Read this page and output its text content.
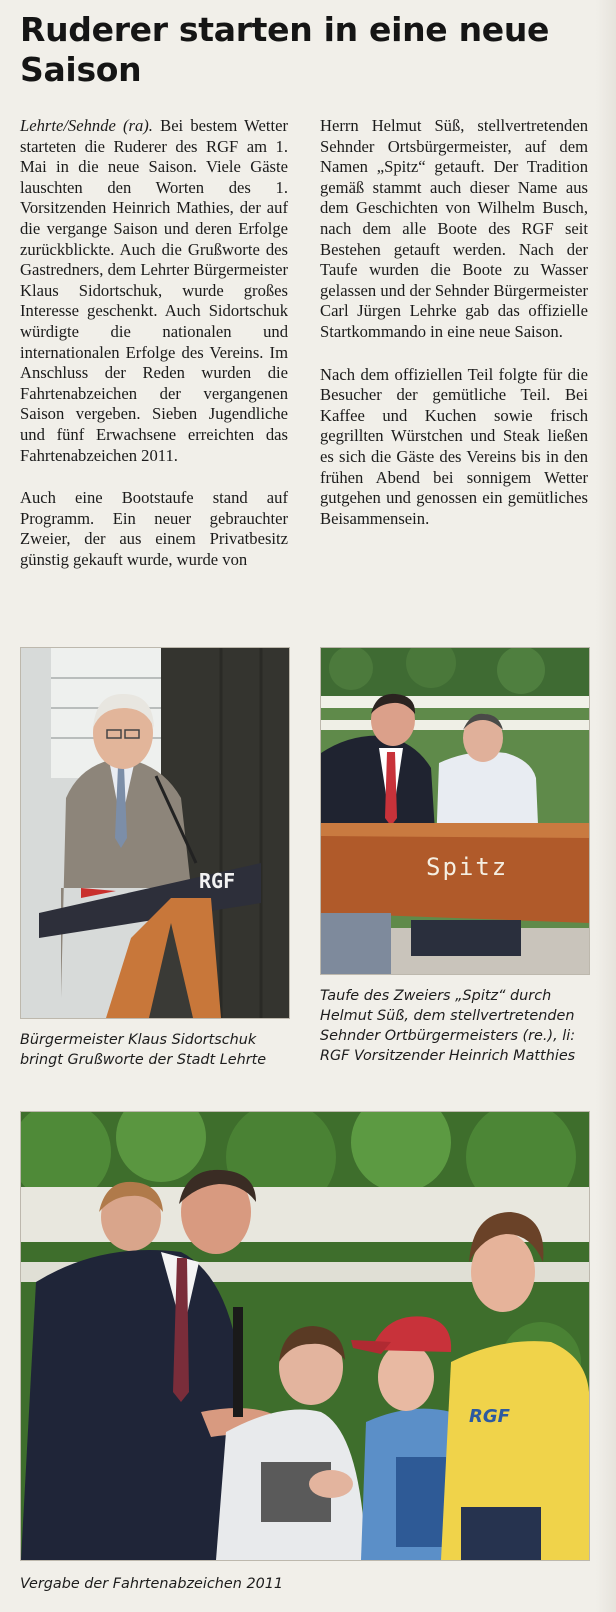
Ruderer starten in eine neue Saison

Lehrte/Sehnde (ra). Bei bestem Wetter starteten die Ruderer des RGF am 1. Mai in die neue Saison. Viele Gäste lauschten den Worten des 1. Vorsitzenden Heinrich Mathies, der auf die vergange Saison und deren Erfolge zurückblickte. Auch die Grußworte des Gastredners, dem Lehrter Bürgermeister Klaus Sidortschuk, wurde großes Interesse geschenkt. Auch Sidortschuk würdigte die nationalen und internationalen Erfolge des Vereins. Im Anschluss der Reden wurden die Fahrtenabzeichen der vergangenen Saison vergeben. Sieben Jugendliche und fünf Erwachsene erreichten das Fahrtenabzeichen 2011.

Auch eine Bootstaufe stand auf Programm. Ein neuer gebrauchter Zweier, der aus einem Privatbesitz günstig gekauft wurde, wurde von

Herrn Helmut Süß, stellvertretenden Sehnder Ortsbürgermeister, auf dem Namen „Spitz“ getauft. Der Tradition gemäß stammt auch dieser Name aus dem Geschichten von Wilhelm Busch, nach dem alle Boote des RGF seit Bestehen getauft werden. Nach der Taufe wurden die Boote zu Wasser gelassen und der Sehnder Bürgermeister Carl Jürgen Lehrke gab das offizielle Startkommando in eine neue Saison.

Nach dem offiziellen Teil folgte für die Besucher der gemütliche Teil. Bei Kaffee und Kuchen sowie frisch gegrillten Würstchen und Steak ließen es sich die Gäste des Vereins bis in den frühen Abend bei sonnigem Wetter gutgehen und genossen ein gemütliches Beisammensein.

RGF

Bürgermeister Klaus Sidortschuk bringt Grußworte der Stadt Lehrte

Spitz

Taufe des Zweiers „Spitz“ durch Helmut Süß, dem stellvertretenden Sehnder Ortbürgermeisters (re.), li: RGF Vorsitzender Heinrich Matthies

RGF

Vergabe der Fahrtenabzeichen 2011
